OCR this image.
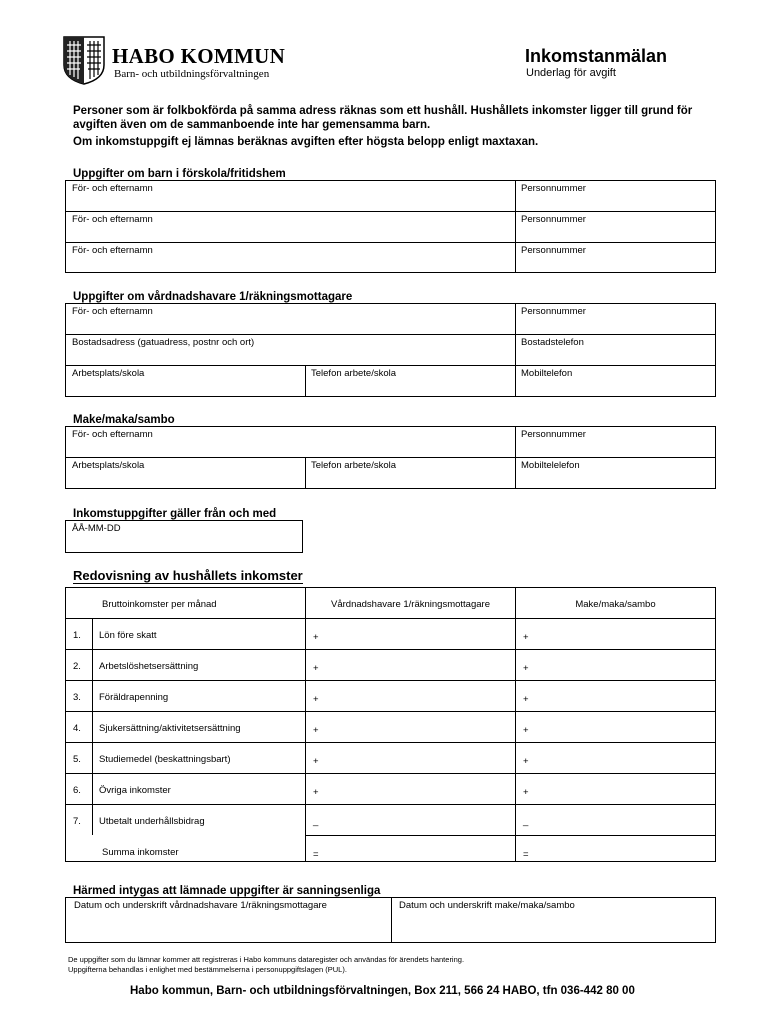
HABO KOMMUN
Barn- och utbildningsförvaltningen
Inkomstanmälan
Underlag för avgift
Personer som är folkbokförda på samma adress räknas som ett hushåll. Hushållets inkomster ligger till grund för avgiften även om de sammanboende inte har gemensamma barn.
Om inkomstuppgift ej lämnas beräknas avgiften efter högsta belopp enligt maxtaxan.
Uppgifter om barn i förskola/fritidshem
För- och efternamn	Personnummer
För- och efternamn	Personnummer
För- och efternamn	Personnummer
Uppgifter om vårdnadshavare 1/räkningsmottagare
För- och efternamn	Personnummer
Bostadsadress (gatuadress, postnr och ort)	Bostadstelefon
Arbetsplats/skola	Telefon arbete/skola	Mobiltelefon
Make/maka/sambo
För- och efternamn	Personnummer
Arbetsplats/skola	Telefon arbete/skola	Mobiltelelefon
Inkomstuppgifter gäller från och med
ÅÅ-MM-DD
Redovisning av hushållets inkomster
Bruttoinkomster per månad	Vårdnadshavare 1/räkningsmottagare	Make/maka/sambo
1.	Lön före skatt	+	+
2.	Arbetslöshetsersättning	+	+
3.	Föräldrapenning	+	+
4.	Sjukersättning/aktivitetsersättning	+	+
5.	Studiemedel (beskattningsbart)	+	+
6.	Övriga inkomster	+	+
7.	Utbetalt underhållsbidrag	_	_
Summa inkomster	=	=
Härmed intygas att lämnade uppgifter är sanningsenliga
Datum och underskrift vårdnadshavare 1/räkningsmottagare	Datum och underskrift make/maka/sambo
De uppgifter som du lämnar kommer att registreras i Habo kommuns dataregister och användas för ärendets hantering.
Uppgifterna behandlas i enlighet med bestämmelserna i personuppgiftslagen (PUL).
Habo kommun, Barn- och utbildningsförvaltningen, Box 211, 566 24 HABO, tfn 036-442 80 00
